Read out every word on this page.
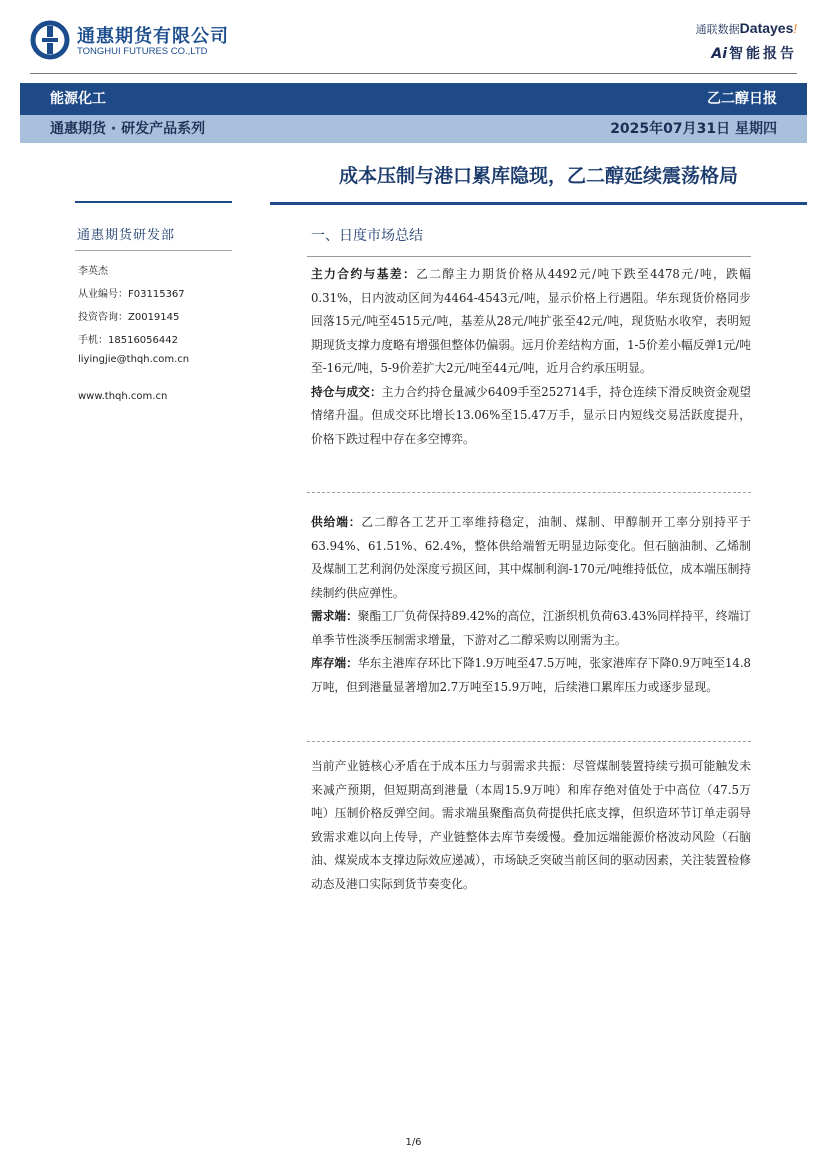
通惠期货有限公司
TONGHUI FUTURES CO.,LTD
通联数据Datayes!
Ai 智能报告
能源化工	乙二醇日报
通惠期货 · 研发产品系列	2025年07月31日 星期四
成本压制与港口累库隐现，乙二醇延续震荡格局
通惠期货研发部
李英杰
从业编号：F03115367
投资咨询：Z0019145
手机：18516056442
liyingjie@thqh.com.cn
www.thqh.com.cn
一、日度市场总结
主力合约与基差：乙二醇主力期货价格从4492元/吨下跌至4478元/吨，跌幅0.31%，日内波动区间为4464-4543元/吨，显示价格上行遇阻。华东现货价格同步回落15元/吨至4515元/吨，基差从28元/吨扩张至42元/吨，现货贴水收窄，表明短期现货支撑力度略有增强但整体仍偏弱。远月价差结构方面，1-5价差小幅反弹1元/吨至-16元/吨，5-9价差扩大2元/吨至44元/吨，近月合约承压明显。
持仓与成交：主力合约持仓量减少6409手至252714手，持仓连续下滑反映资金观望情绪升温。但成交环比增长13.06%至15.47万手，显示日内短线交易活跃度提升，价格下跌过程中存在多空博弈。
供给端：乙二醇各工艺开工率维持稳定，油制、煤制、甲醇制开工率分别持平于63.94%、61.51%、62.4%，整体供给端暂无明显边际变化。但石脑油制、乙烯制及煤制工艺利润仍处深度亏损区间，其中煤制利润-170元/吨维持低位，成本端压制持续制约供应弹性。
需求端：聚酯工厂负荷保持89.42%的高位，江浙织机负荷63.43%同样持平，终端订单季节性淡季压制需求增量，下游对乙二醇采购以刚需为主。
库存端：华东主港库存环比下降1.9万吨至47.5万吨，张家港库存下降0.9万吨至14.8万吨，但到港量显著增加2.7万吨至15.9万吨，后续港口累库压力或逐步显现。
当前产业链核心矛盾在于成本压力与弱需求共振：尽管煤制装置持续亏损可能触发未来减产预期，但短期高到港量（本周15.9万吨）和库存绝对值处于中高位（47.5万吨）压制价格反弹空间。需求端虽聚酯高负荷提供托底支撑，但织造环节订单走弱导致需求难以向上传导，产业链整体去库节奏缓慢。叠加远端能源价格波动风险（石脑油、煤炭成本支撑边际效应递减），市场缺乏突破当前区间的驱动因素，关注装置检修动态及港口实际到货节奏变化。
1/6
